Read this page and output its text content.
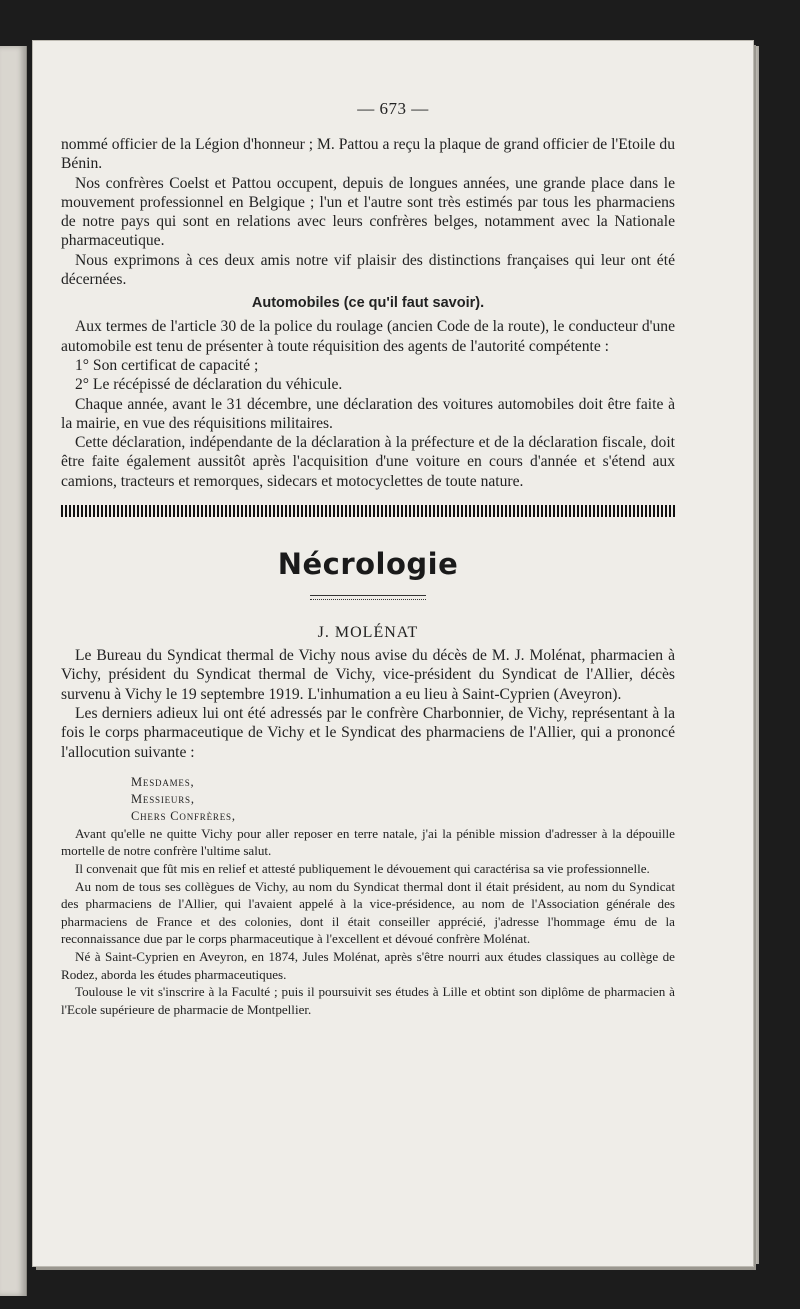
— 673 —

nommé officier de la Légion d'honneur ; M. Pattou a reçu la plaque de grand officier de l'Etoile du Bénin.

Nos confrères Coelst et Pattou occupent, depuis de longues années, une grande place dans le mouvement professionnel en Belgique ; l'un et l'autre sont très estimés par tous les pharmaciens de notre pays qui sont en relations avec leurs confrères belges, notamment avec la Nationale pharmaceutique.

Nous exprimons à ces deux amis notre vif plaisir des distinctions françaises qui leur ont été décernées.

Automobiles (ce qu'il faut savoir).

Aux termes de l'article 30 de la police du roulage (ancien Code de la route), le conducteur d'une automobile est tenu de présenter à toute réquisition des agents de l'autorité compétente :

1° Son certificat de capacité ;

2° Le récépissé de déclaration du véhicule.

Chaque année, avant le 31 décembre, une déclaration des voitures automobiles doit être faite à la mairie, en vue des réquisitions militaires.

Cette déclaration, indépendante de la déclaration à la préfecture et de la déclaration fiscale, doit être faite également aussitôt après l'acquisition d'une voiture en cours d'année et s'étend aux camions, tracteurs et remorques, sidecars et motocyclettes de toute nature.

Nécrologie
J. MOLÉNAT

Le Bureau du Syndicat thermal de Vichy nous avise du décès de M. J. Molénat, pharmacien à Vichy, président du Syndicat thermal de Vichy, vice-président du Syndicat de l'Allier, décès survenu à Vichy le 19 septembre 1919. L'inhumation a eu lieu à Saint-Cyprien (Aveyron).

Les derniers adieux lui ont été adressés par le confrère Charbonnier, de Vichy, représentant à la fois le corps pharmaceutique de Vichy et le Syndicat des pharmaciens de l'Allier, qui a prononcé l'allocution suivante :

Mesdames,
Messieurs,
Chers Confrères,

Avant qu'elle ne quitte Vichy pour aller reposer en terre natale, j'ai la pénible mission d'adresser à la dépouille mortelle de notre confrère l'ultime salut.

Il convenait que fût mis en relief et attesté publiquement le dévouement qui caractérisa sa vie professionnelle.

Au nom de tous ses collègues de Vichy, au nom du Syndicat thermal dont il était président, au nom du Syndicat des pharmaciens de l'Allier, qui l'avaient appelé à la vice-présidence, au nom de l'Association générale des pharmaciens de France et des colonies, dont il était conseiller apprécié, j'adresse l'hommage ému de la reconnaissance due par le corps pharmaceutique à l'excellent et dévoué confrère Molénat.

Né à Saint-Cyprien en Aveyron, en 1874, Jules Molénat, après s'être nourri aux études classiques au collège de Rodez, aborda les études pharmaceutiques.

Toulouse le vit s'inscrire à la Faculté ; puis il poursuivit ses études à Lille et obtint son diplôme de pharmacien à l'Ecole supérieure de pharmacie de Montpellier.
